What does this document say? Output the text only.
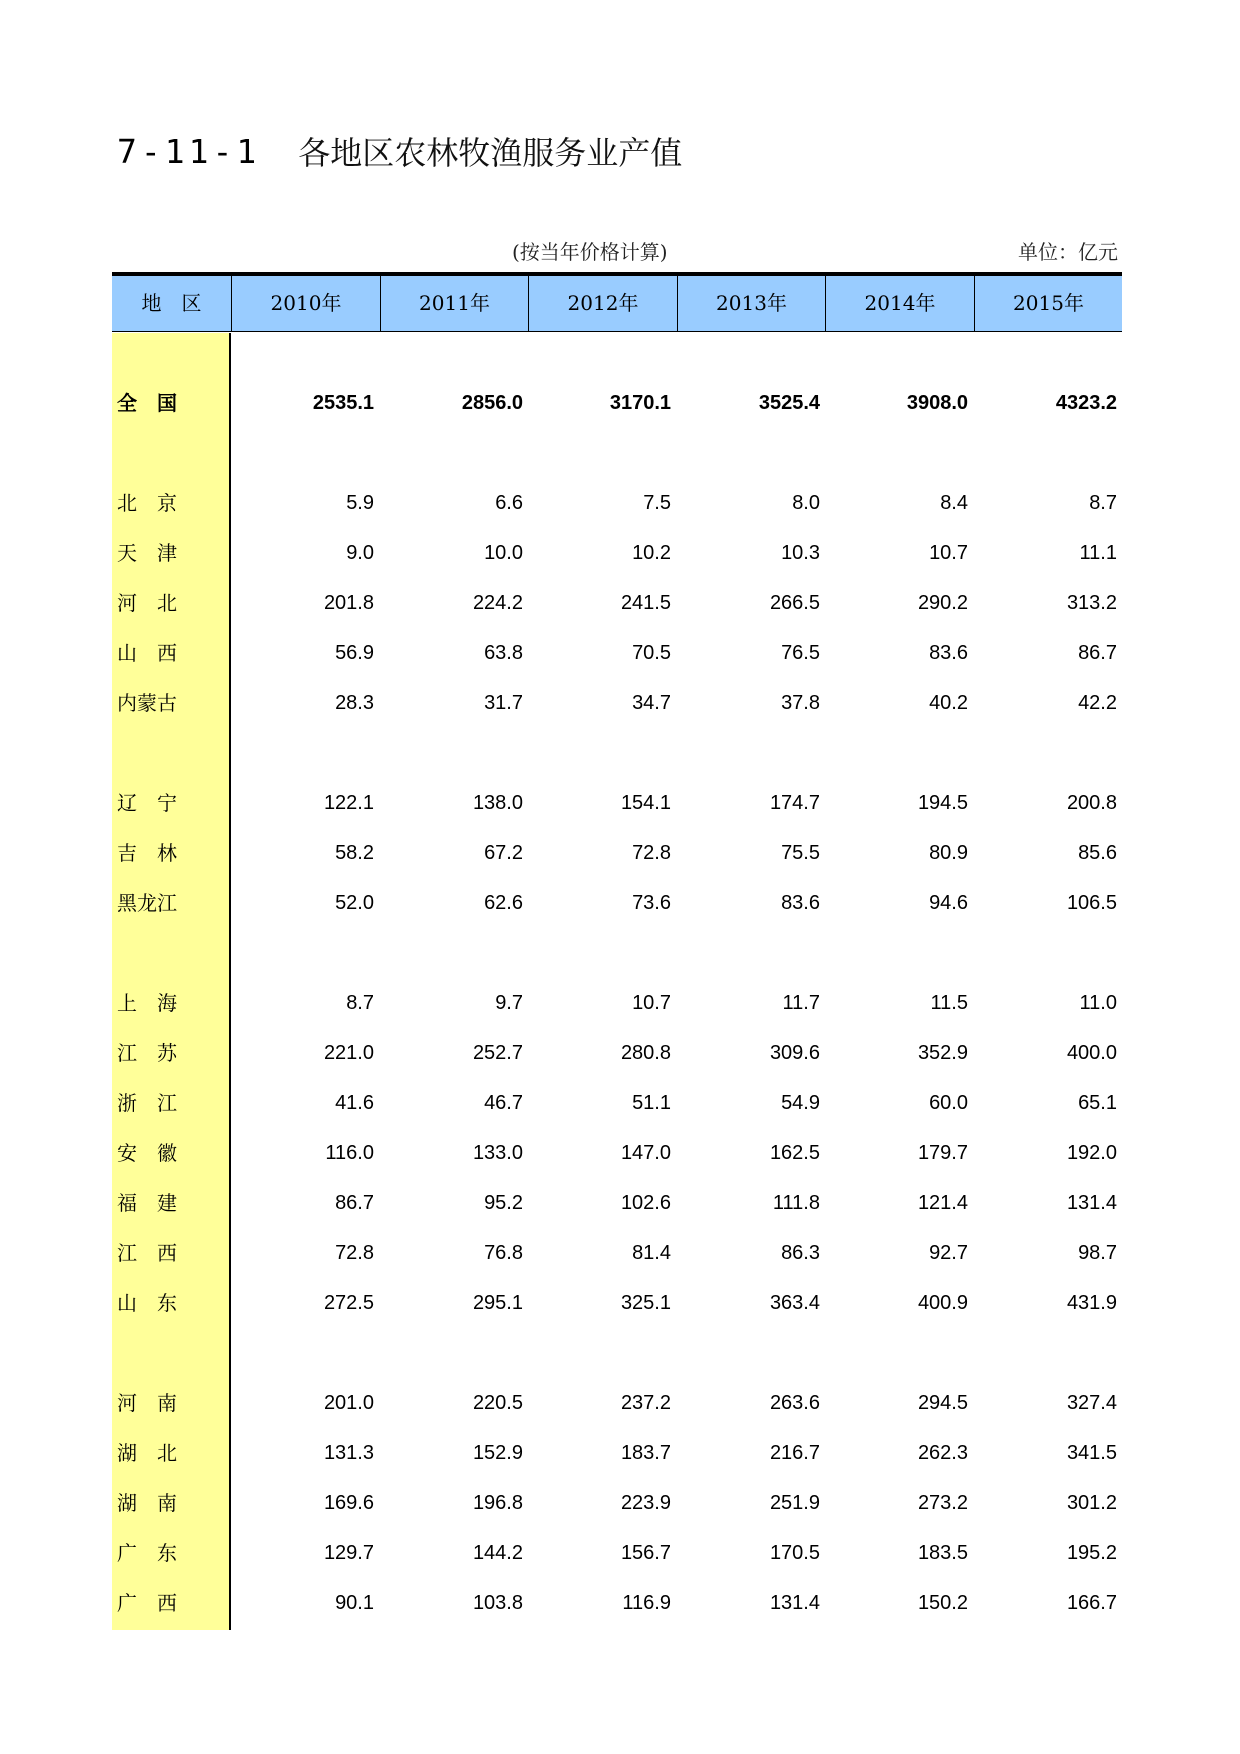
7-11-1 各地区农林牧渔服务业产值
(按当年价格计算)	单位：亿元
地　区	2010年	2011年	2012年	2013年	2014年	2015年
全　国	2535.1	2856.0	3170.1	3525.4	3908.0	4323.2
北　京	5.9	6.6	7.5	8.0	8.4	8.7
天　津	9.0	10.0	10.2	10.3	10.7	11.1
河　北	201.8	224.2	241.5	266.5	290.2	313.2
山　西	56.9	63.8	70.5	76.5	83.6	86.7
内蒙古	28.3	31.7	34.7	37.8	40.2	42.2
辽　宁	122.1	138.0	154.1	174.7	194.5	200.8
吉　林	58.2	67.2	72.8	75.5	80.9	85.6
黑龙江	52.0	62.6	73.6	83.6	94.6	106.5
上　海	8.7	9.7	10.7	11.7	11.5	11.0
江　苏	221.0	252.7	280.8	309.6	352.9	400.0
浙　江	41.6	46.7	51.1	54.9	60.0	65.1
安　徽	116.0	133.0	147.0	162.5	179.7	192.0
福　建	86.7	95.2	102.6	111.8	121.4	131.4
江　西	72.8	76.8	81.4	86.3	92.7	98.7
山　东	272.5	295.1	325.1	363.4	400.9	431.9
河　南	201.0	220.5	237.2	263.6	294.5	327.4
湖　北	131.3	152.9	183.7	216.7	262.3	341.5
湖　南	169.6	196.8	223.9	251.9	273.2	301.2
广　东	129.7	144.2	156.7	170.5	183.5	195.2
广　西	90.1	103.8	116.9	131.4	150.2	166.7
